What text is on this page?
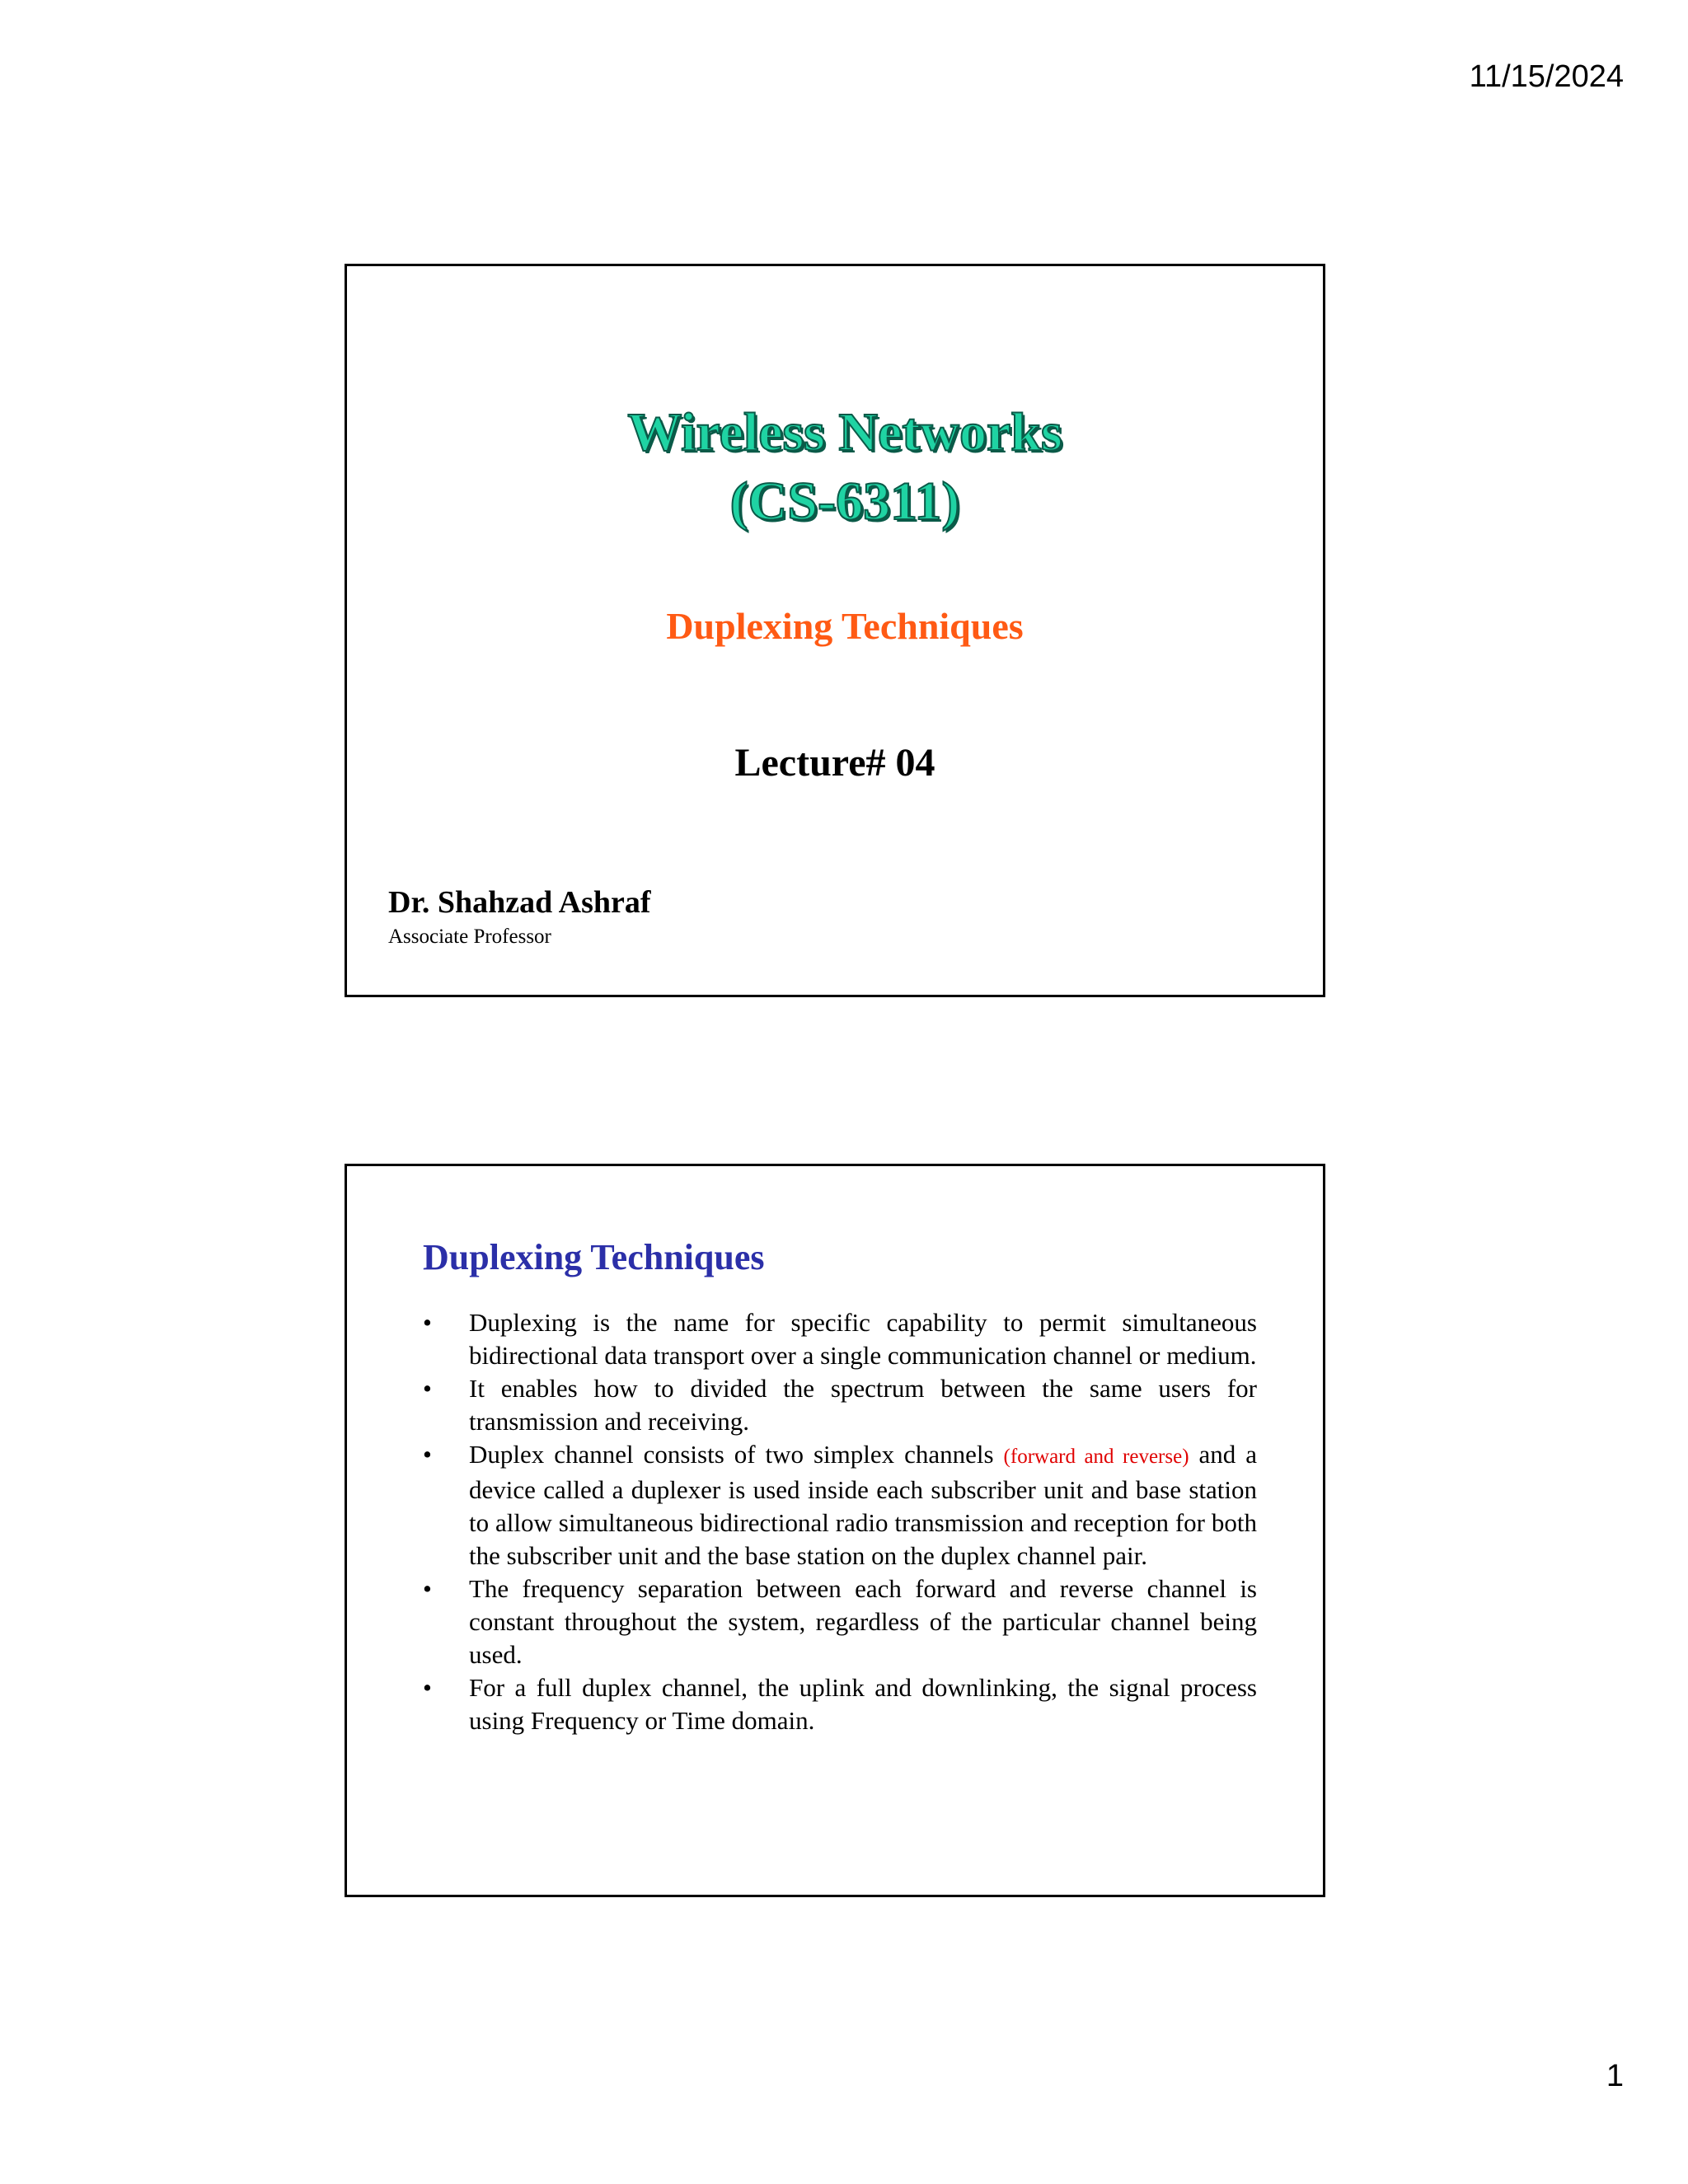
11/15/2024
Wireless Networks
(CS-6311)
Duplexing Techniques
Lecture# 04
Dr. Shahzad Ashraf
Associate Professor
Duplexing Techniques
• Duplexing is the name for specific capability to permit simultaneous bidirectional data transport over a single communication channel or medium.
• It enables how to divided the spectrum between the same users for transmission and receiving.
• Duplex channel consists of two simplex channels (forward and reverse) and a device called a duplexer is used inside each subscriber unit and base station to allow simultaneous bidirectional radio transmission and reception for both the subscriber unit and the base station on the duplex channel pair.
• The frequency separation between each forward and reverse channel is constant throughout the system, regardless of the particular channel being used.
• For a full duplex channel, the uplink and downlinking, the signal process using Frequency or Time domain.
1
